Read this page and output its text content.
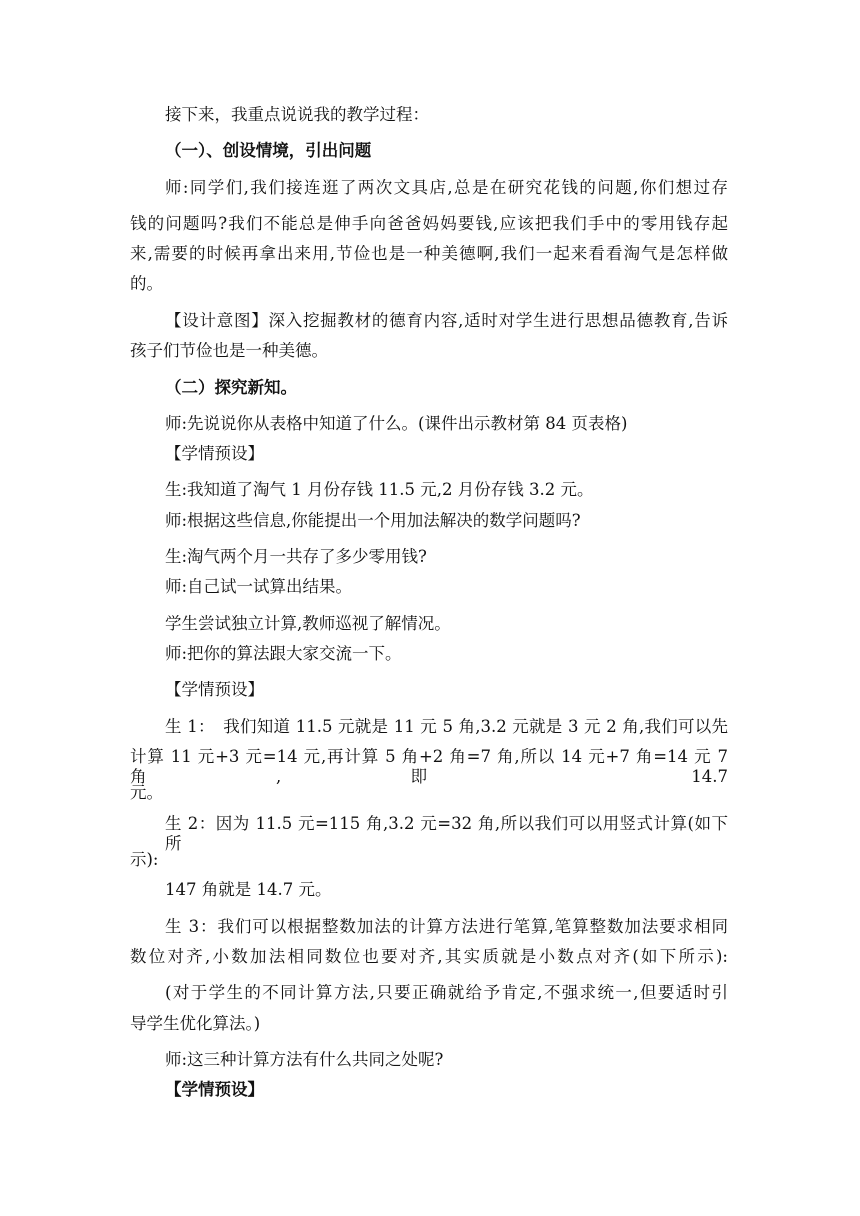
接下来，我重点说说我的教学过程：
（一）、创设情境，引出问题
师:同学们,我们接连逛了两次文具店,总是在研究花钱的问题,你们想过存
钱的问题吗?我们不能总是伸手向爸爸妈妈要钱,应该把我们手中的零用钱存起
来,需要的时候再拿出来用,节俭也是一种美德啊,我们一起来看看淘气是怎样做
的。
【设计意图】深入挖掘教材的德育内容,适时对学生进行思想品德教育,告诉
孩子们节俭也是一种美德。
（二）探究新知。
师:先说说你从表格中知道了什么。(课件出示教材第 84 页表格)
【学情预设】
生:我知道了淘气 1 月份存钱 11.5 元,2 月份存钱 3.2 元。
师:根据这些信息,你能提出一个用加法解决的数学问题吗?
生:淘气两个月一共存了多少零用钱?
师:自己试一试算出结果。
学生尝试独立计算,教师巡视了解情况。
师:把你的算法跟大家交流一下。
【学情预设】
生 1：　我们知道 11.5 元就是 11 元 5 角,3.2 元就是 3 元 2 角,我们可以先
计算 11 元+3 元=14 元,再计算 5 角+2 角=7 角,所以 14 元+7 角=14 元 7 角,即 14.7
元。
生 2：因为 11.5 元=115 角,3.2 元=32 角,所以我们可以用竖式计算(如下所
示):
147 角就是 14.7 元。
生 3：我们可以根据整数加法的计算方法进行笔算,笔算整数加法要求相同
数位对齐,小数加法相同数位也要对齐,其实质就是小数点对齐(如下所示):
(对于学生的不同计算方法,只要正确就给予肯定,不强求统一,但要适时引
导学生优化算法。)
师:这三种计算方法有什么共同之处呢?
【学情预设】
